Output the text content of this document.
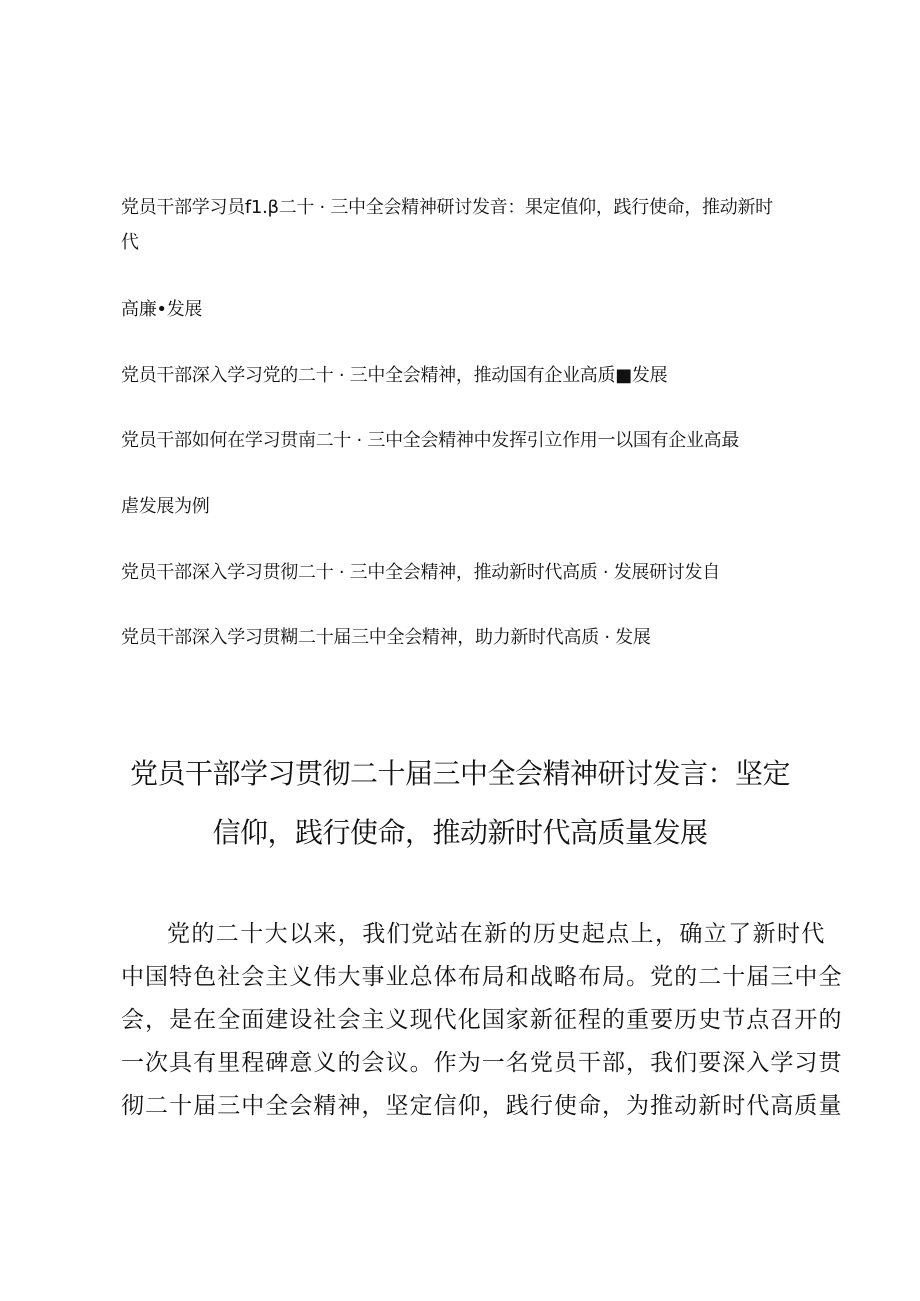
党员干部学习员f1.β二十 · 三中全会精神研讨发音：果定值仰，践行使命，推动新时
代
高廉•发展
党员干部深入学习党的二十 · 三中全会精神，推动国有企业高质■发展
党员干部如何在学习贯南二十 · 三中全会精神中发挥引立作用一以国有企业高最
虐发展为例
党员干部深入学习贯彻二十 · 三中全会精神，推动新时代高质 · 发展研讨发自
党员干部深入学习贯糊二十届三中全会精神，助力新时代高质 · 发展
党员干部学习贯彻二十届三中全会精神研讨发言：坚定
信仰，践行使命，推动新时代高质量发展
党的二十大以来，我们党站在新的历史起点上，确立了新时代
中国特色社会主义伟大事业总体布局和战略布局。党的二十届三中全
会，是在全面建设社会主义现代化国家新征程的重要历史节点召开的
一次具有里程碑意义的会议。作为一名党员干部，我们要深入学习贯
彻二十届三中全会精神，坚定信仰，践行使命，为推动新时代高质量
